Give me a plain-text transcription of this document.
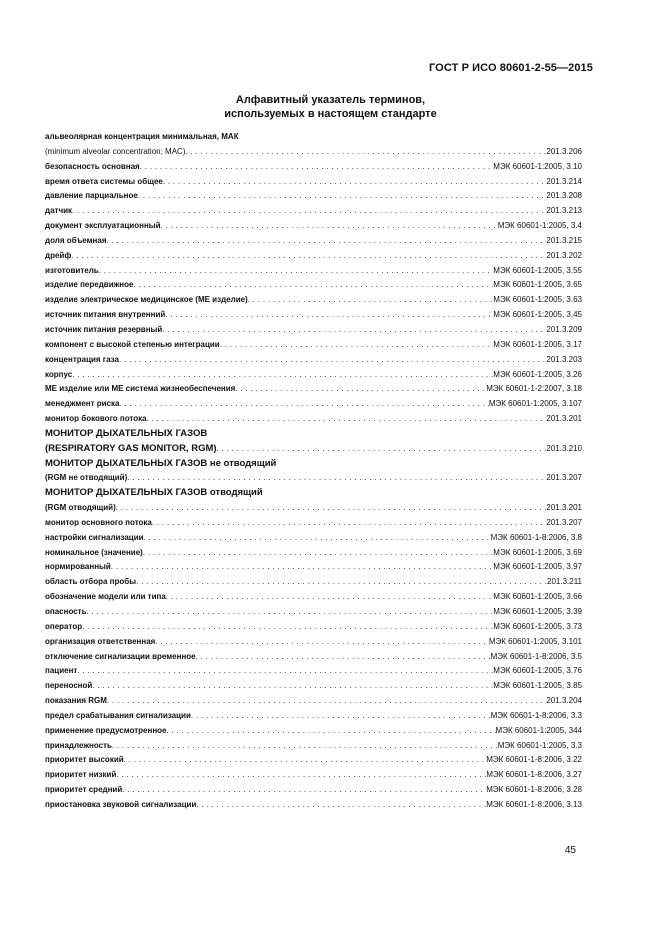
ГОСТ Р ИСО 80601-2-55—2015
Алфавитный указатель терминов,
используемых в настоящем стандарте
альвеолярная концентрация минимальная, МАК
(minimum alveolar concentration; MAC) . . .	201.3.206
безопасность основная . . .	МЭК 60601-1:2005, 3.10
время ответа системы общее . . .	201.3.214
давление парциальное . . .	201.3.208
датчик . . .	201.3.213
документ эксплуатационный . . .	МЭК 60601-1:2005, 3.4
доля объемная . . .	201.3.215
дрейф . . .	201.3.202
изготовитель . . .	МЭК 60601-1:2005, 3.55
изделие передвижное . . .	МЭК 60601-1:2005, 3.65
изделие электрическое медицинское (ME изделие) . . .	МЭК 60601-1:2005, 3.63
источник питания внутренний . . .	МЭК 60601-1:2005, 3.45
источник питания резервный . . .	201.3.209
компонент с высокой степенью интеграции . . .	МЭК 60601-1:2005, 3.17
концентрация газа . . .	201.3.203
корпус . . .	МЭК 60601-1:2005, 3.26
ME изделие или ME система жизнеобеспечения . . .	МЭК 60601-1-2:2007, 3.18
менеджмент риска . . .	МЭК 60601-1:2005, 3.107
монитор бокового потока . . .	201.3.201
МОНИТОР ДЫХАТЕЛЬНЫХ ГАЗОВ
(RESPIRATORY GAS MONITOR, RGM) . . .	201.3.210
МОНИТОР ДЫХАТЕЛЬНЫХ ГАЗОВ не отводящий
(RGM не отводящий) . . .	201.3.207
МОНИТОР ДЫХАТЕЛЬНЫХ ГАЗОВ отводящий
(RGM отводящий) . . .	201.3.201
монитор основного потока . . .	201.3.207
настройки сигнализации . . .	МЭК 60601-1-8:2006, 3.8
номинальное (значение) . . .	МЭК 60601-1:2005, 3.69
нормированный . . .	МЭК 60601-1:2005, 3.97
область отбора пробы . . .	201.3.211
обозначение модели или типа . . .	МЭК 60601-1:2005, 3.66
опасность . . .	МЭК 60601-1:2005, 3.39
оператор . . .	МЭК 60601-1:2005, 3.73
организация ответственная . . .	МЭК 60601-1:2005, 3.101
отключение сигнализации временное . . .	МЭК 60601-1-8:2006, 3.5
пациент . . .	МЭК 60601-1:2005, 3.76
переносной . . .	МЭК 60601-1:2005, 3.85
показания RGM . . .	201.3.204
предел срабатывания сигнализации . . .	МЭК 60601-1-8:2006, 3.3
применение предусмотренное . . .	МЭК 60601-1:2005, 344
принадлежность . . .	МЭК 60601-1:2005, 3.3
приоритет высокий . . .	МЭК 60601-1-8:2006, 3.22
приоритет низкий . . .	МЭК 60601-1-8:2006, 3.27
приоритет средний . . .	МЭК 60601-1-8:2006, 3.28
приостановка звуковой сигнализации . . .	МЭК 60601-1-8:2006, 3.13
45
